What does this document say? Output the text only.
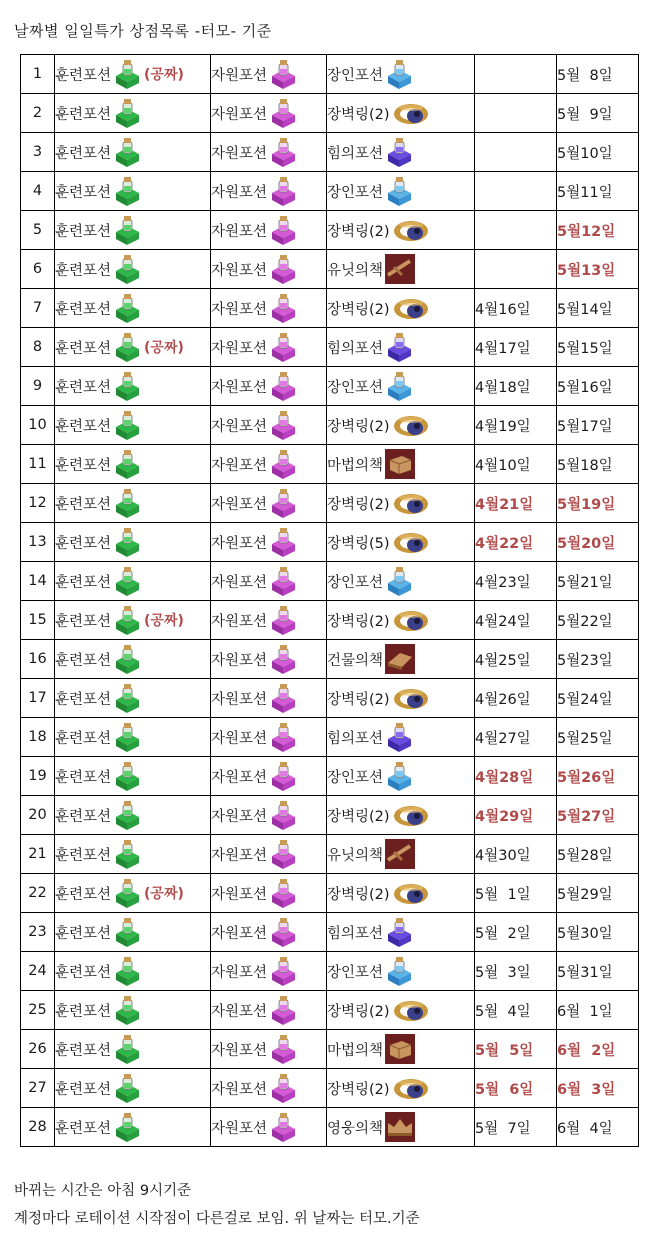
날짜별 일일특가 상점목록 -터모- 기준
1	훈련포션 (공짜)	자원포션	장인포션		5월  8일
2	훈련포션	자원포션	장벽링(2)		5월  9일
3	훈련포션	자원포션	힘의포션		5월10일
4	훈련포션	자원포션	장인포션		5월11일
5	훈련포션	자원포션	장벽링(2)		5월12일
6	훈련포션	자원포션	유닛의책		5월13일
7	훈련포션	자원포션	장벽링(2)	4월16일	5월14일
8	훈련포션 (공짜)	자원포션	힘의포션	4월17일	5월15일
9	훈련포션	자원포션	장인포션	4월18일	5월16일
10	훈련포션	자원포션	장벽링(2)	4월19일	5월17일
11	훈련포션	자원포션	마법의책	4월10일	5월18일
12	훈련포션	자원포션	장벽링(2)	4월21일	5월19일
13	훈련포션	자원포션	장벽링(5)	4월22일	5월20일
14	훈련포션	자원포션	장인포션	4월23일	5월21일
15	훈련포션 (공짜)	자원포션	장벽링(2)	4월24일	5월22일
16	훈련포션	자원포션	건물의책	4월25일	5월23일
17	훈련포션	자원포션	장벽링(2)	4월26일	5월24일
18	훈련포션	자원포션	힘의포션	4월27일	5월25일
19	훈련포션	자원포션	장인포션	4월28일	5월26일
20	훈련포션	자원포션	장벽링(2)	4월29일	5월27일
21	훈련포션	자원포션	유닛의책	4월30일	5월28일
22	훈련포션 (공짜)	자원포션	장벽링(2)	5월  1일	5월29일
23	훈련포션	자원포션	힘의포션	5월  2일	5월30일
24	훈련포션	자원포션	장인포션	5월  3일	5월31일
25	훈련포션	자원포션	장벽링(2)	5월  4일	6월  1일
26	훈련포션	자원포션	마법의책	5월  5일	6월  2일
27	훈련포션	자원포션	장벽링(2)	5월  6일	6월  3일
28	훈련포션	자원포션	영웅의책	5월  7일	6월  4일
바뀌는 시간은 아침 9시기준
계정마다 로테이션 시작점이 다른걸로 보임. 위 날짜는 터모.기준
